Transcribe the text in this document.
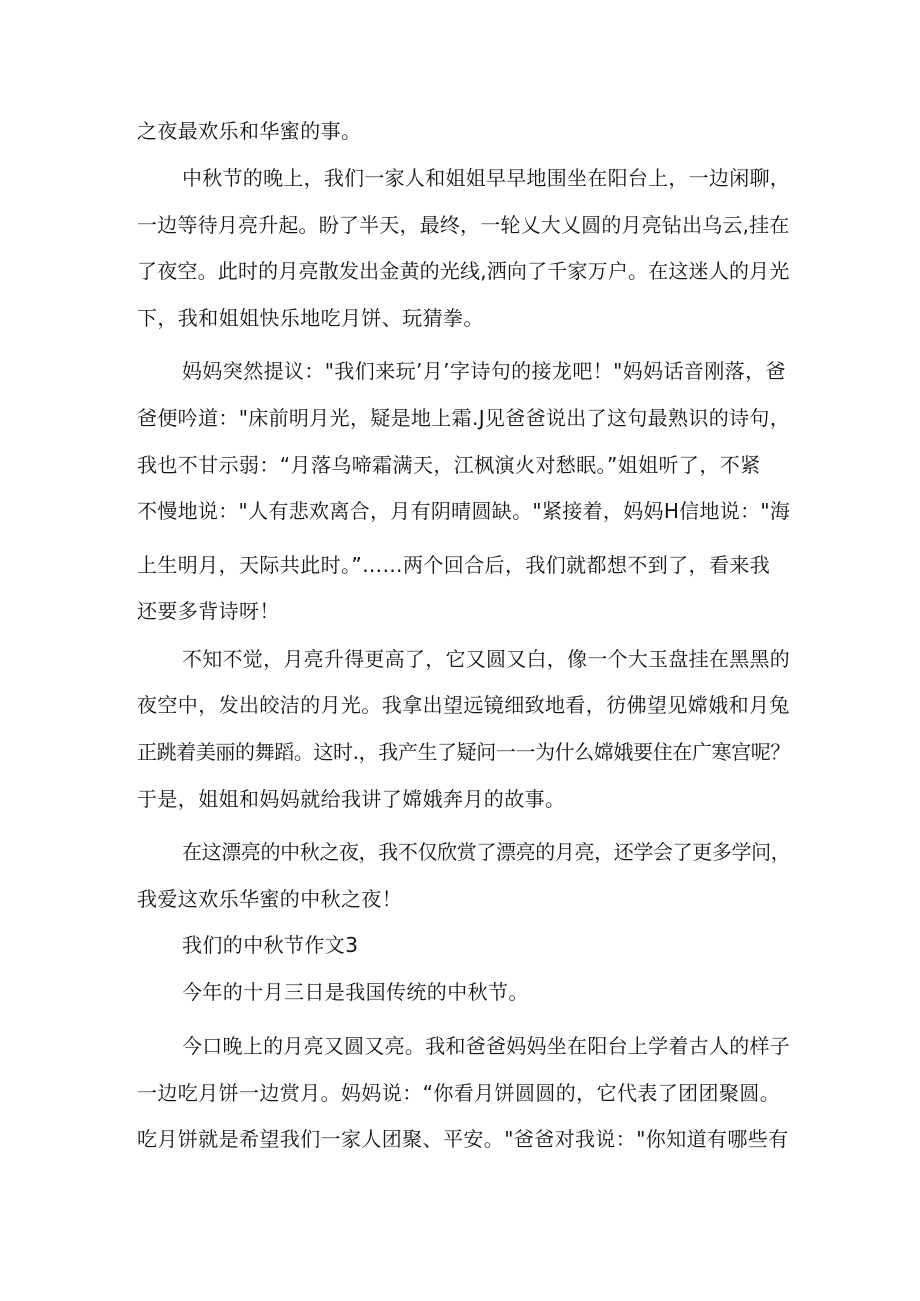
之夜最欢乐和华蜜的事。
中秋节的晚上，我们一家人和姐姐早早地围坐在阳台上，一边闲聊，
一边等待月亮升起。盼了半天，最终，一轮乂大乂圆的月亮钻出乌云,挂在
了夜空。此时的月亮散发出金黄的光线,洒向了千家万户。在这迷人的月光
下，我和姐姐快乐地吃月饼、玩猜拳。
妈妈突然提议："我们来玩’月’字诗句的接龙吧！"妈妈话音刚落，爸
爸便吟道："床前明月光，疑是地上霜.J见爸爸说出了这句最熟识的诗句，
我也不甘示弱：“月落乌啼霜满天，江枫演火对愁眠。”姐姐听了，不紧
不慢地说："人有悲欢离合，月有阴晴圆缺。"紧接着，妈妈H信地说："海
上生明月，天际共此时。”……两个回合后，我们就都想不到了，看来我
还要多背诗呀！
不知不觉，月亮升得更高了，它又圆又白，像一个大玉盘挂在黑黑的
夜空中，发出皎洁的月光。我拿出望远镜细致地看，彷佛望见嫦娥和月兔
正跳着美丽的舞蹈。这时.，我产生了疑问一一为什么嫦娥要住在广寒宫呢？
于是，姐姐和妈妈就给我讲了嫦娥奔月的故事。
在这漂亮的中秋之夜，我不仅欣赏了漂亮的月亮，还学会了更多学问，
我爱这欢乐华蜜的中秋之夜！
我们的中秋节作文3
今年的十月三日是我国传统的中秋节。
今口晚上的月亮又圆又亮。我和爸爸妈妈坐在阳台上学着古人的样子
一边吃月饼一边赏月。妈妈说：“你看月饼圆圆的，它代表了团团聚圆。
吃月饼就是希望我们一家人团聚、平安。"爸爸对我说："你知道有哪些有
